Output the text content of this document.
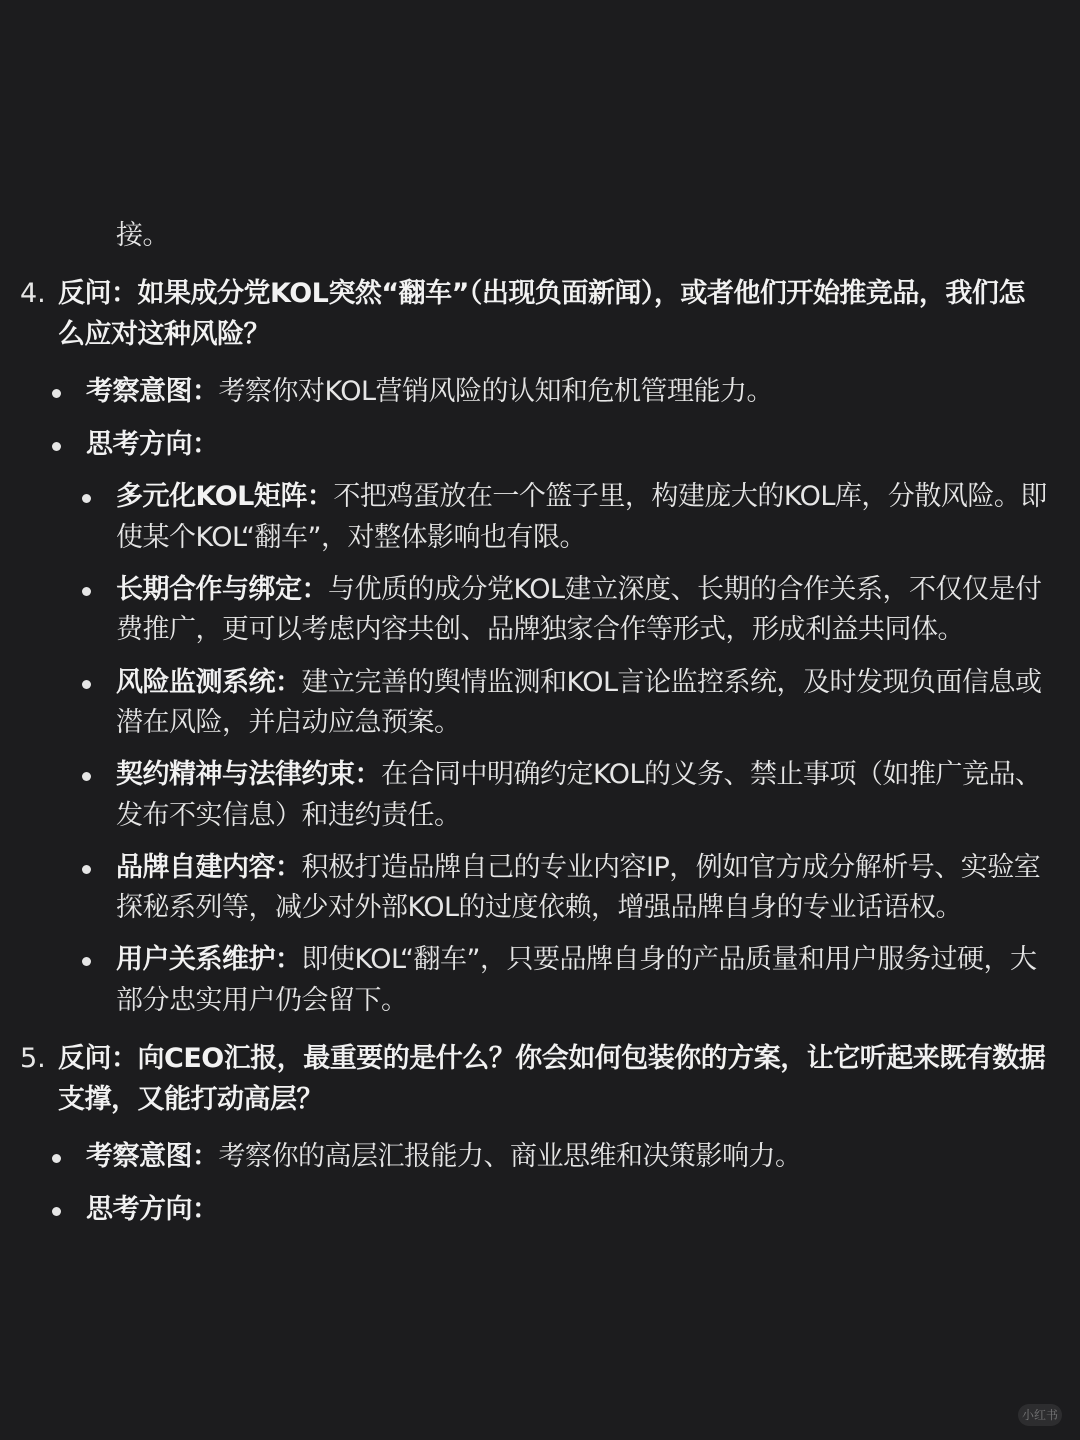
接。
4. 反问：如果成分党KOL突然“翻车”（出现负面新闻），或者他们开始推竞品，我们怎
么应对这种风险？
考察意图：考察你对KOL营销风险的认知和危机管理能力。
思考方向：
多元化KOL矩阵：不把鸡蛋放在一个篮子里，构建庞大的KOL库，分散风险。即
使某个KOL“翻车”，对整体影响也有限。
长期合作与绑定：与优质的成分党KOL建立深度、长期的合作关系，不仅仅是付
费推广，更可以考虑内容共创、品牌独家合作等形式，形成利益共同体。
风险监测系统：建立完善的舆情监测和KOL言论监控系统，及时发现负面信息或
潜在风险，并启动应急预案。
契约精神与法律约束：在合同中明确约定KOL的义务、禁止事项（如推广竞品、
发布不实信息）和违约责任。
品牌自建内容：积极打造品牌自己的专业内容IP，例如官方成分解析号、实验室
探秘系列等，减少对外部KOL的过度依赖，增强品牌自身的专业话语权。
用户关系维护：即使KOL“翻车”，只要品牌自身的产品质量和用户服务过硬，大
部分忠实用户仍会留下。
5. 反问：向CEO汇报，最重要的是什么？你会如何包装你的方案，让它听起来既有数据
支撑，又能打动高层？
考察意图：考察你的高层汇报能力、商业思维和决策影响力。
思考方向：
小红书
